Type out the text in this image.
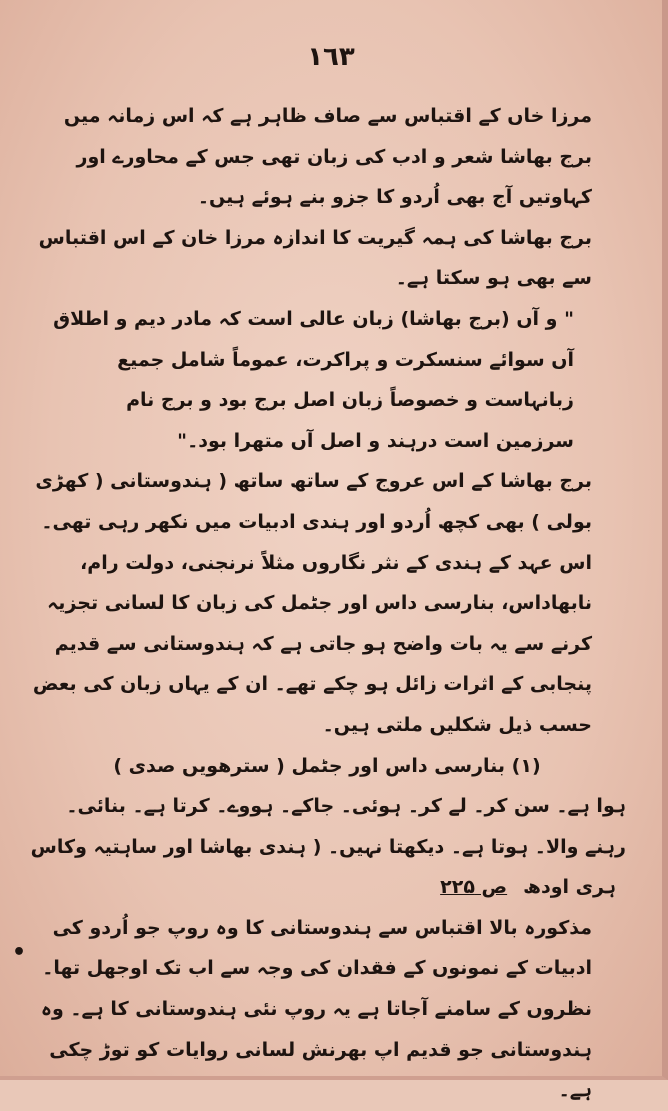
۱٦۳

مرزا خاں کے اقتباس سے صاف ظاہر ہے کہ اس زمانہ میں برج بھاشا شعر و ادب کی زبان تھی جس کے محاورے اور کہاوتیں آج بھی اُردو کا جزو بنے ہوئے ہیں۔

برج بھاشا کی ہمہ گیریت کا اندازہ مرزا خان کے اس اقتباس سے بھی ہو سکتا ہے۔

" و آں (برج بھاشا) زبان عالی است کہ مادر دیم و اطلاق آں سوائے سنسکرت و پراکرت، عموماً شامل جمیع زبانہاست و خصوصاً زبان اصل برج بود و برج نام سرزمین است درہند و اصل آں متھرا بود۔"

برج بھاشا کے اس عروج کے ساتھ ساتھ ( ہندوستانی ( کھڑی بولی ) بھی کچھ اُردو اور ہندی ادبیات میں نکھر رہی تھی۔ اس عہد کے ہندی کے نثر نگاروں مثلاً نرنجنی، دولت رام، نابھاداس، بنارسی داس اور جٹمل کی زبان کا لسانی تجزیہ کرنے سے یہ بات واضح ہو جاتی ہے کہ ہندوستانی سے قدیم پنجابی کے اثرات زائل ہو چکے تھے۔ ان کے یہاں زبان کی بعض حسب ذیل شکلیں ملتی ہیں۔

(۱) بنارسی داس اور جٹمل ( سترھویں صدی )

ہوا ہے۔ سن کر۔ لے کر۔ ہوئی۔ جاکے۔ ہووے۔ کرتا ہے۔ بنائی۔

رہنے والا۔ ہوتا ہے۔ دیکھتا نہیں۔ ( ہندی بھاشا اور ساہتیہ وکاس

ہری اودھ
ص ۲۲۵

مذکورہ بالا اقتباس سے ہندوستانی کا وہ روپ جو اُردو کی ادبیات کے نمونوں کے فقدان کی وجہ سے اب تک اوجھل تھا۔ نظروں کے سامنے آجاتا ہے یہ روپ نئی ہندوستانی کا ہے۔ وہ ہندوستانی جو قدیم اپ بھرنش لسانی روایات کو توڑ چکی ہے۔

•
